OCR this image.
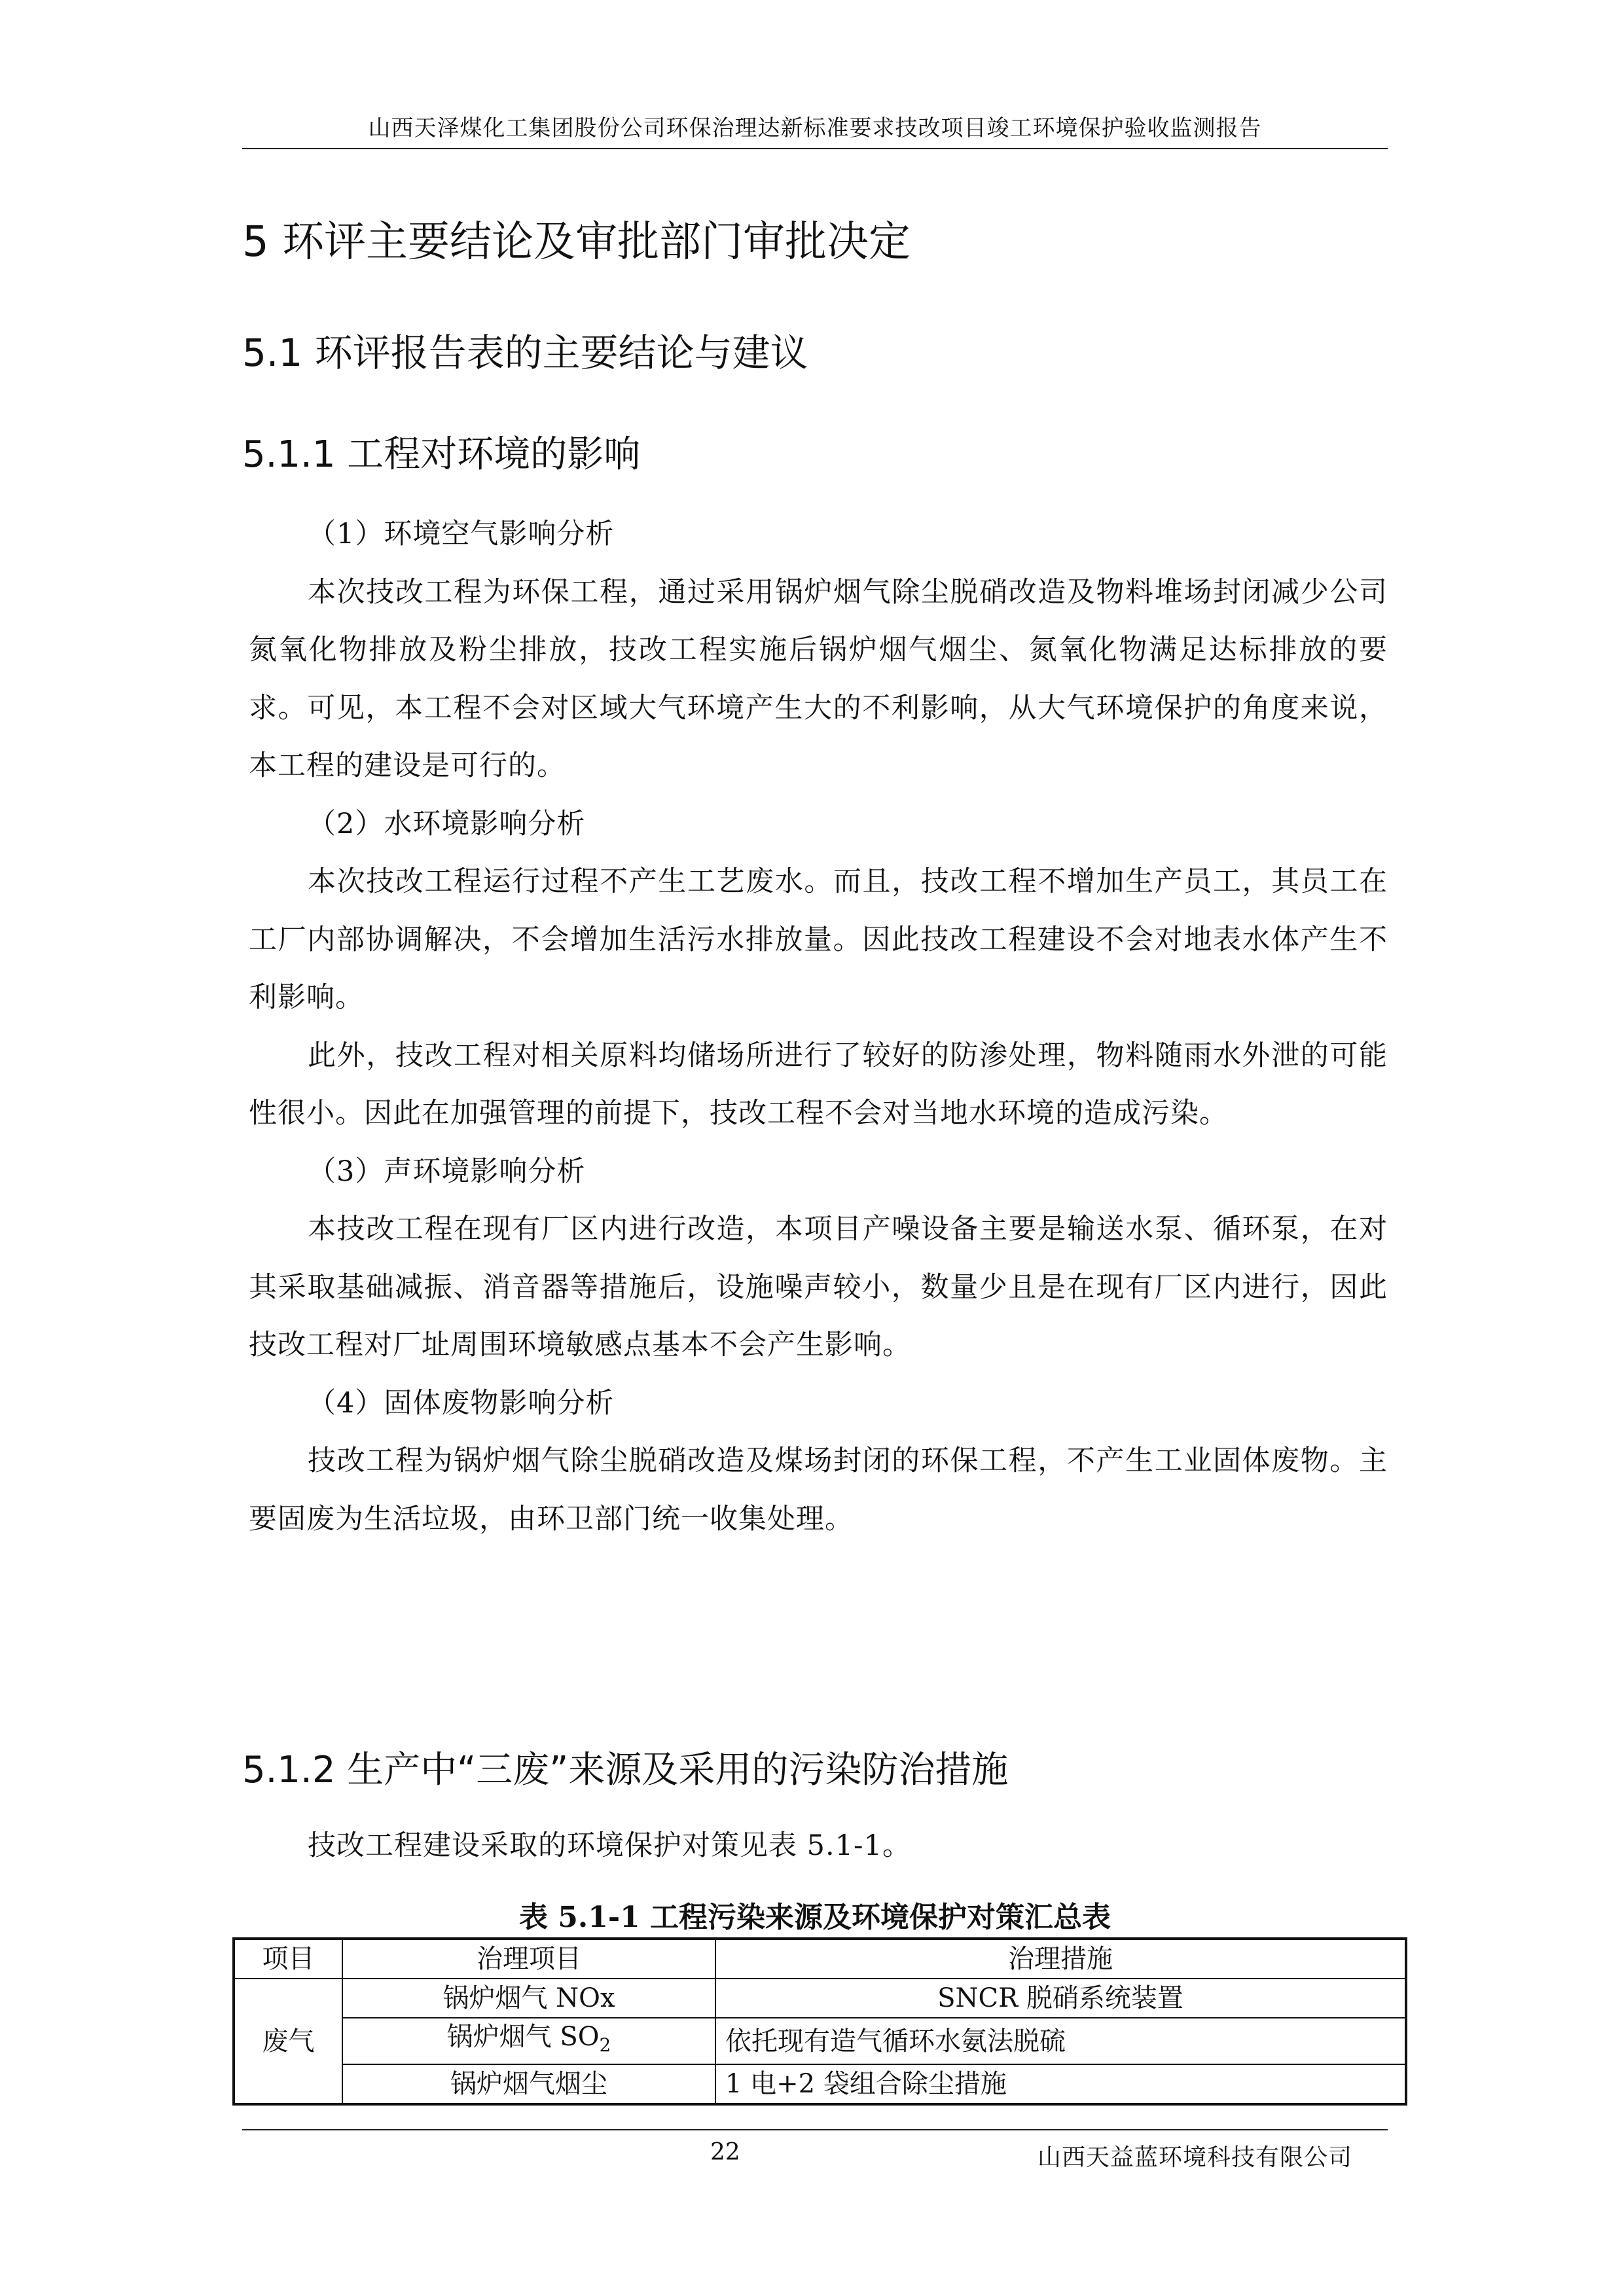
山西天泽煤化工集团股份公司环保治理达新标准要求技改项目竣工环境保护验收监测报告
5 环评主要结论及审批部门审批决定
5.1 环评报告表的主要结论与建议
5.1.1 工程对环境的影响

（1）环境空气影响分析

本次技改工程为环保工程，通过采用锅炉烟气除尘脱硝改造及物料堆场封闭减少公司氮氧化物排放及粉尘排放，技改工程实施后锅炉烟气烟尘、氮氧化物满足达标排放的要求。可见，本工程不会对区域大气环境产生大的不利影响，从大气环境保护的角度来说，本工程的建设是可行的。

（2）水环境影响分析

本次技改工程运行过程不产生工艺废水。而且，技改工程不增加生产员工，其员工在工厂内部协调解决，不会增加生活污水排放量。因此技改工程建设不会对地表水体产生不利影响。

此外，技改工程对相关原料均储场所进行了较好的防渗处理，物料随雨水外泄的可能性很小。因此在加强管理的前提下，技改工程不会对当地水环境的造成污染。

（3）声环境影响分析

本技改工程在现有厂区内进行改造，本项目产噪设备主要是输送水泵、循环泵，在对其采取基础减振、消音器等措施后，设施噪声较小，数量少且是在现有厂区内进行，因此技改工程对厂址周围环境敏感点基本不会产生影响。

（4）固体废物影响分析

技改工程为锅炉烟气除尘脱硝改造及煤场封闭的环保工程，不产生工业固体废物。主要固废为生活垃圾，由环卫部门统一收集处理。

5.1.2 生产中“三废”来源及采用的污染防治措施

技改工程建设采取的环境保护对策见表 5.1-1。

表 5.1-1 工程污染来源及环境保护对策汇总表
项目	治理项目	治理措施
废气	锅炉烟气 NOx	SNCR 脱硝系统装置
	锅炉烟气 $SO_2$	依托现有造气循环水氨法脱硫
	锅炉烟气烟尘	1 电+2 袋组合除尘措施
22	山西天益蓝环境科技有限公司
